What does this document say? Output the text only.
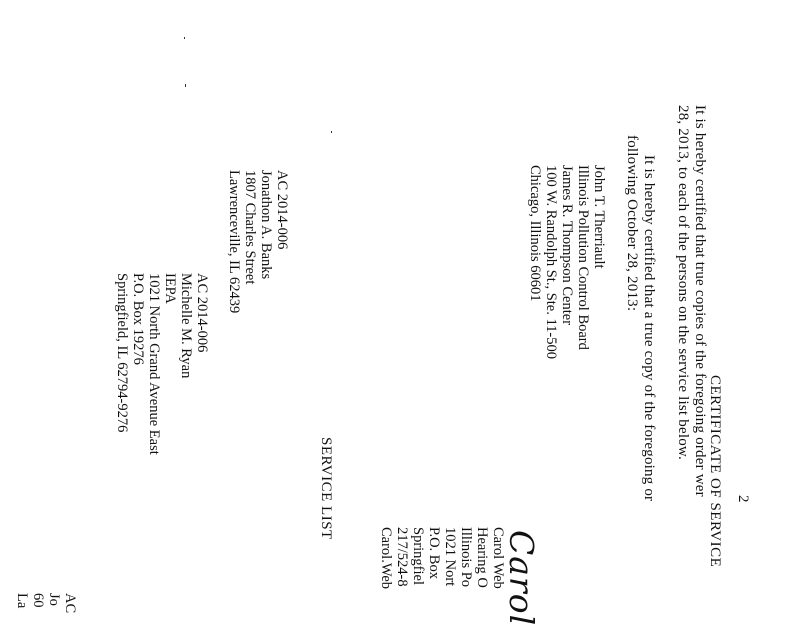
2
CERTIFICATE OF SERVICE
It is hereby certified that true copies of the foregoing order wer
28, 2013, to each of the persons on the service list below.
It is hereby certified that a true copy of the foregoing or
following October 28, 2013:
John T. Therriault
Illinois Pollution Control Board
James R. Thompson Center
100 W. Randolph St., Ste. 11-500
Chicago, Illinois 60601
Carol
Carol Web
Hearing O
Illinois Po
1021 Nort
P.O. Box
Springfiel
217/524-8
Carol.Web
SERVICE LIST
AC 2014-006
Jonathon A. Banks
1807 Charles Street
Lawrenceville, IL 62439
AC 2014-006
Michelle M. Ryan
IEPA
1021 North Grand Avenue East
P.O. Box 19276
Springfield, IL 62794-9276
AC
Jo
60
La
